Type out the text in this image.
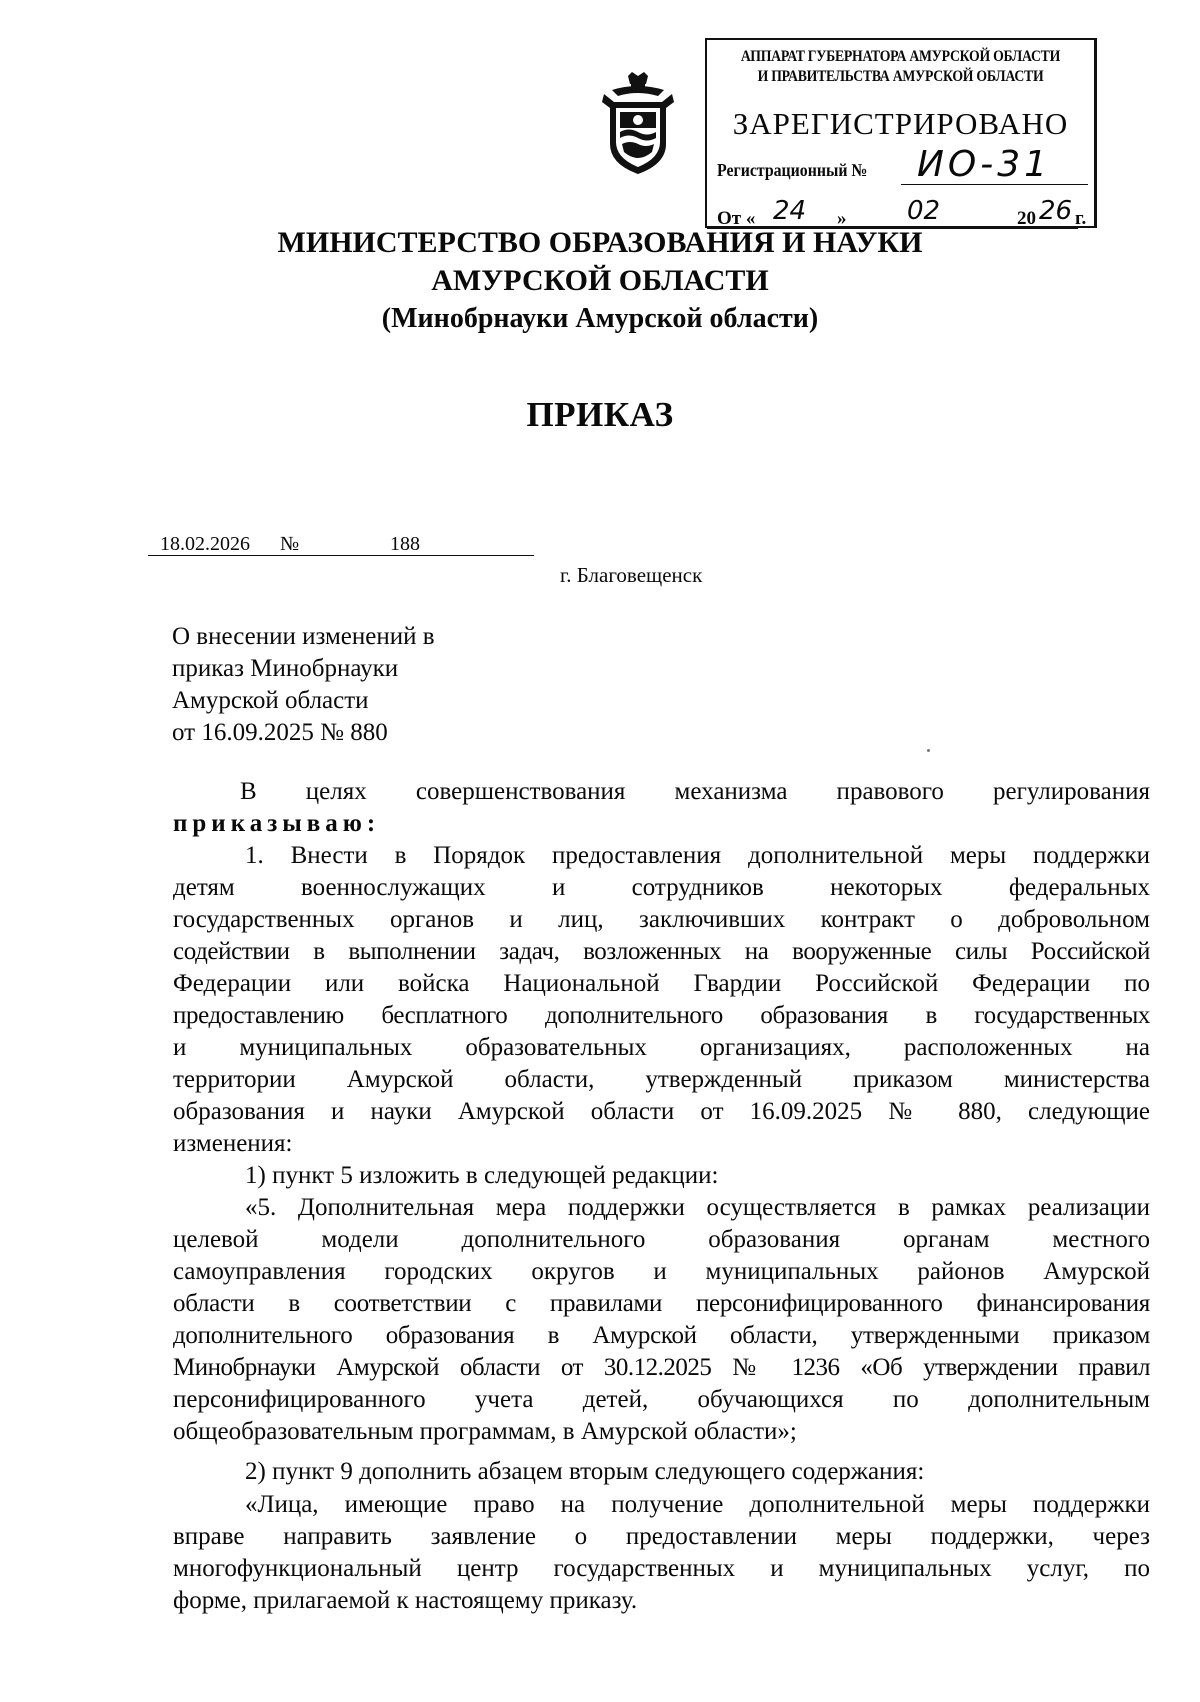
АППАРАТ ГУБЕРНАТОРА АМУРСКОЙ ОБЛАСТИ
И ПРАВИТЕЛЬСТВА АМУРСКОЙ ОБЛАСТИ
ЗАРЕГИСТРИРОВАНО
Регистрационный № ИО-31
От « 24 » 02	20 26 г.
МИНИСТЕРСТВО ОБРАЗОВАНИЯ И НАУКИ
АМУРСКОЙ ОБЛАСТИ
(Минобрнауки Амурской области)
ПРИКАЗ
18.02.2026 №	188
г. Благовещенск
О внесении изменений в
приказ Минобрнауки
Амурской области
от 16.09.2025 № 880
В целях совершенствования механизма правового регулирования
приказываю:
1. Внести в Порядок предоставления дополнительной меры поддержки
детям военнослужащих и сотрудников некоторых федеральных
государственных органов и лиц, заключивших контракт о добровольном
содействии в выполнении задач, возложенных на вооруженные силы Российской
Федерации или войска Национальной Гвардии Российской Федерации по
предоставлению бесплатного дополнительного образования в государственных
и муниципальных образовательных организациях, расположенных на
территории Амурской области, утвержденный приказом министерства
образования и науки Амурской области от 16.09.2025 № 880, следующие
изменения:
1) пункт 5 изложить в следующей редакции:
«5. Дополнительная мера поддержки осуществляется в рамках реализации
целевой модели дополнительного образования органам местного
самоуправления городских округов и муниципальных районов Амурской
области в соответствии с правилами персонифицированного финансирования
дополнительного образования в Амурской области, утвержденными приказом
Минобрнауки Амурской области от 30.12.2025 № 1236 «Об утверждении правил
персонифицированного учета детей, обучающихся по дополнительным
общеобразовательным программам, в Амурской области»;
2) пункт 9 дополнить абзацем вторым следующего содержания:
«Лица, имеющие право на получение дополнительной меры поддержки
вправе направить заявление о предоставлении меры поддержки, через
многофункциональный центр государственных и муниципальных услуг, по
форме, прилагаемой к настоящему приказу.
